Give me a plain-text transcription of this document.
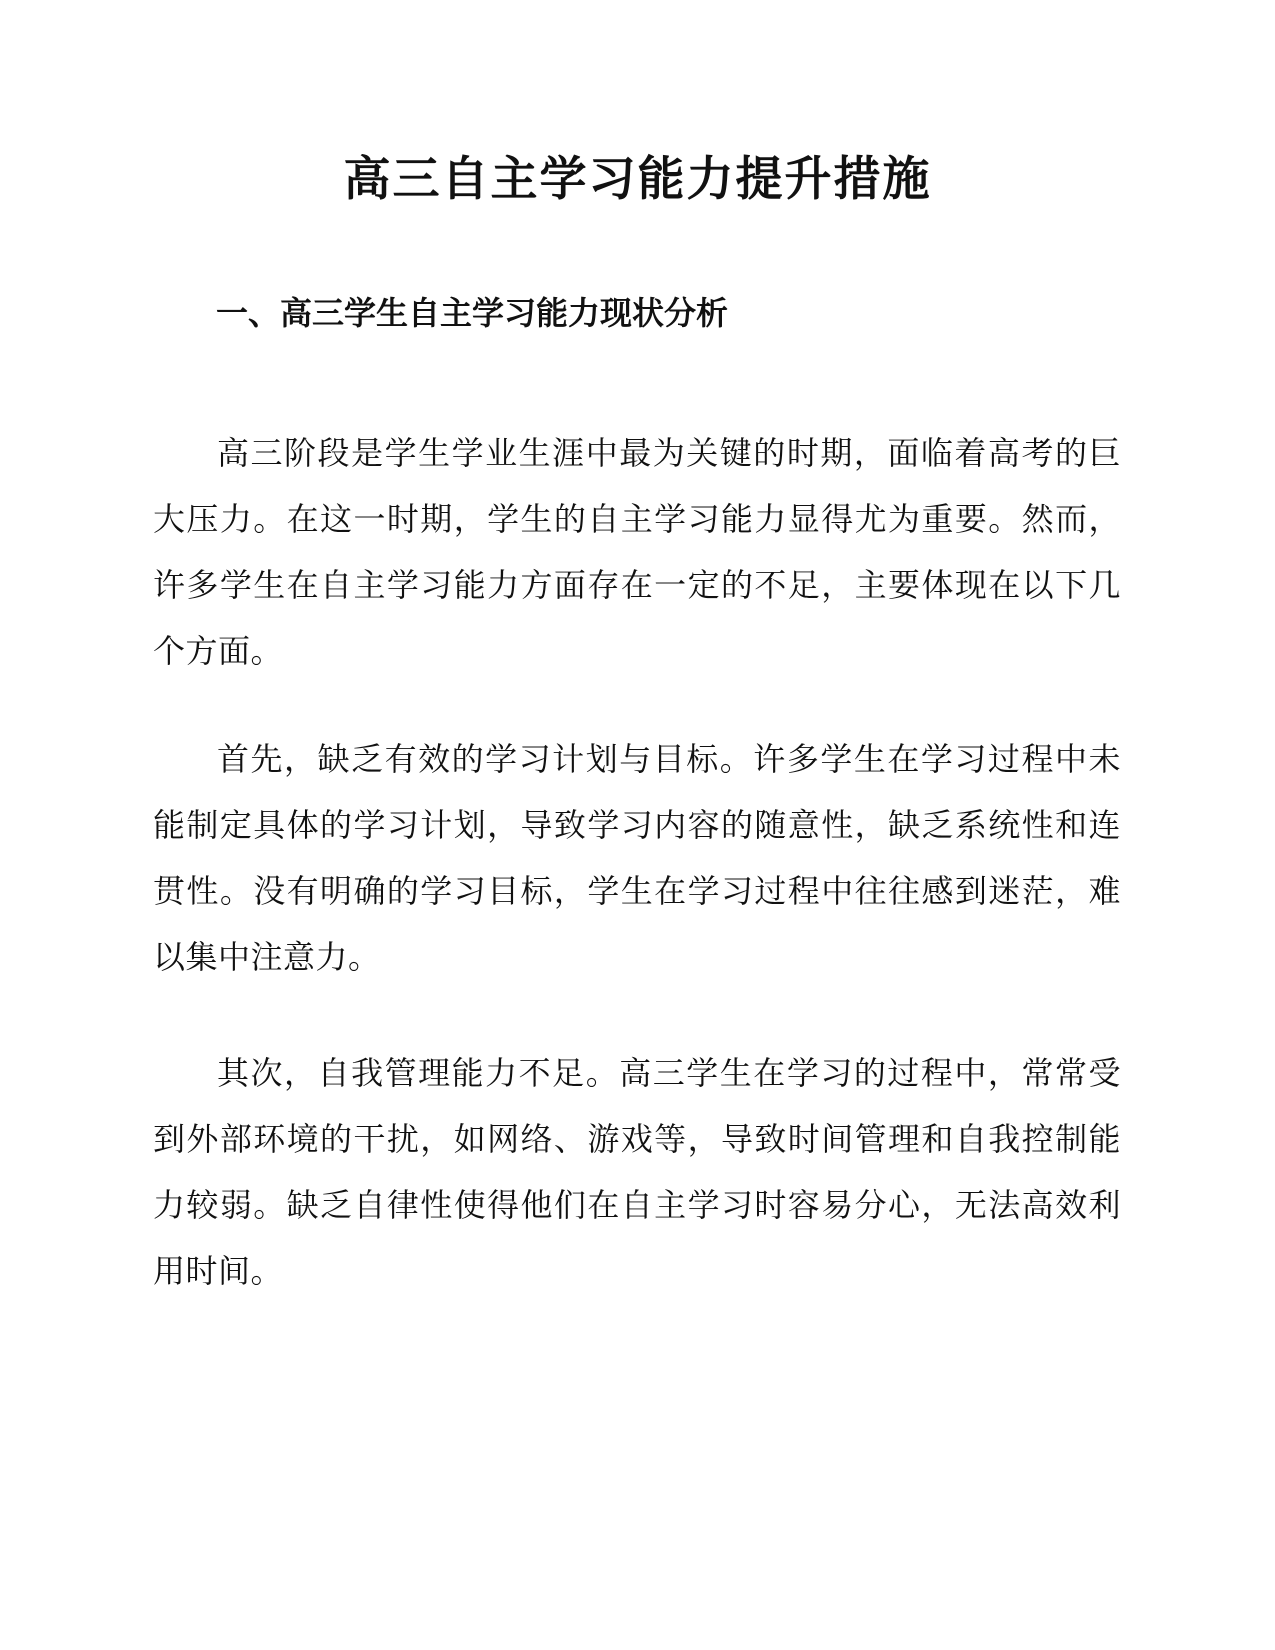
高三自主学习能力提升措施
一、高三学生自主学习能力现状分析

高三阶段是学生学业生涯中最为关键的时期，面临着高考的巨大压力。在这一时期，学生的自主学习能力显得尤为重要。然而，许多学生在自主学习能力方面存在一定的不足，主要体现在以下几个方面。

首先，缺乏有效的学习计划与目标。许多学生在学习过程中未能制定具体的学习计划，导致学习内容的随意性，缺乏系统性和连贯性。没有明确的学习目标，学生在学习过程中往往感到迷茫，难以集中注意力。

其次，自我管理能力不足。高三学生在学习的过程中，常常受到外部环境的干扰，如网络、游戏等，导致时间管理和自我控制能力较弱。缺乏自律性使得他们在自主学习时容易分心，无法高效利用时间。
